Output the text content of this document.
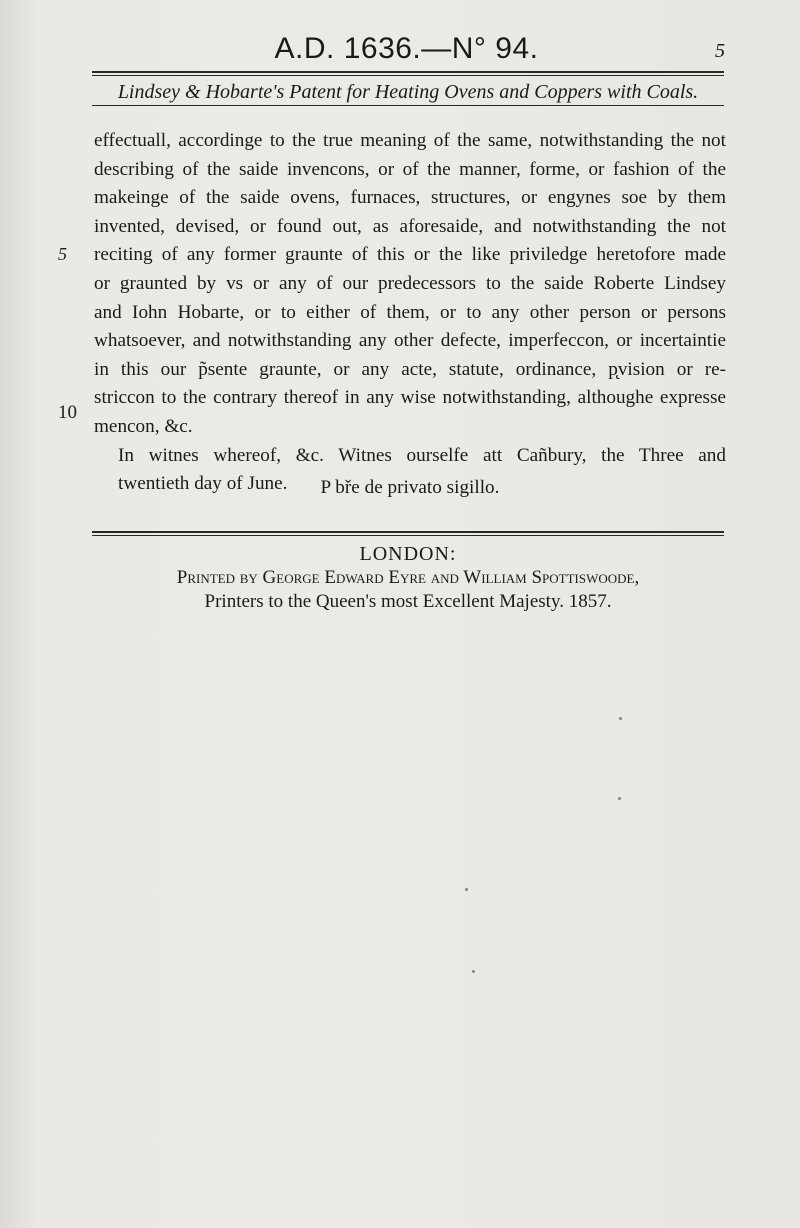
A.D. 1636.—N° 94.	5
Lindsey & Hobarte's Patent for Heating Ovens and Coppers with Coals.
5
10
effectuall, accordinge to the true meaning of the same, notwithstanding the not
describing of the saide invencons, or of the manner, forme, or fashion of the
makeinge of the saide ovens, furnaces, structures, or engynes soe by them
invented, devised, or found out, as aforesaide, and notwithstanding the not
reciting of any former graunte of this or the like priviledge heretofore made
or graunted by vs or any of our predecessors to the saide Roberte Lindsey
and Iohn Hobarte, or to either of them, or to any other person or persons
whatsoever, and notwithstanding any other defecte, imperfeccon, or incertaintie
in this our p̃sente graunte, or any acte, statute, ordinance, p̨vision or re-
striccon to the contrary thereof in any wise notwithstanding, althoughe expresse
mencon, &c.
In witnes whereof, &c. Witnes ourselfe att Cañbury, the Three and
twentieth day of June.	P bře de privato sigillo.
LONDON:
Printed by George Edward Eyre and William Spottiswoode,
Printers to the Queen's most Excellent Majesty. 1857.
